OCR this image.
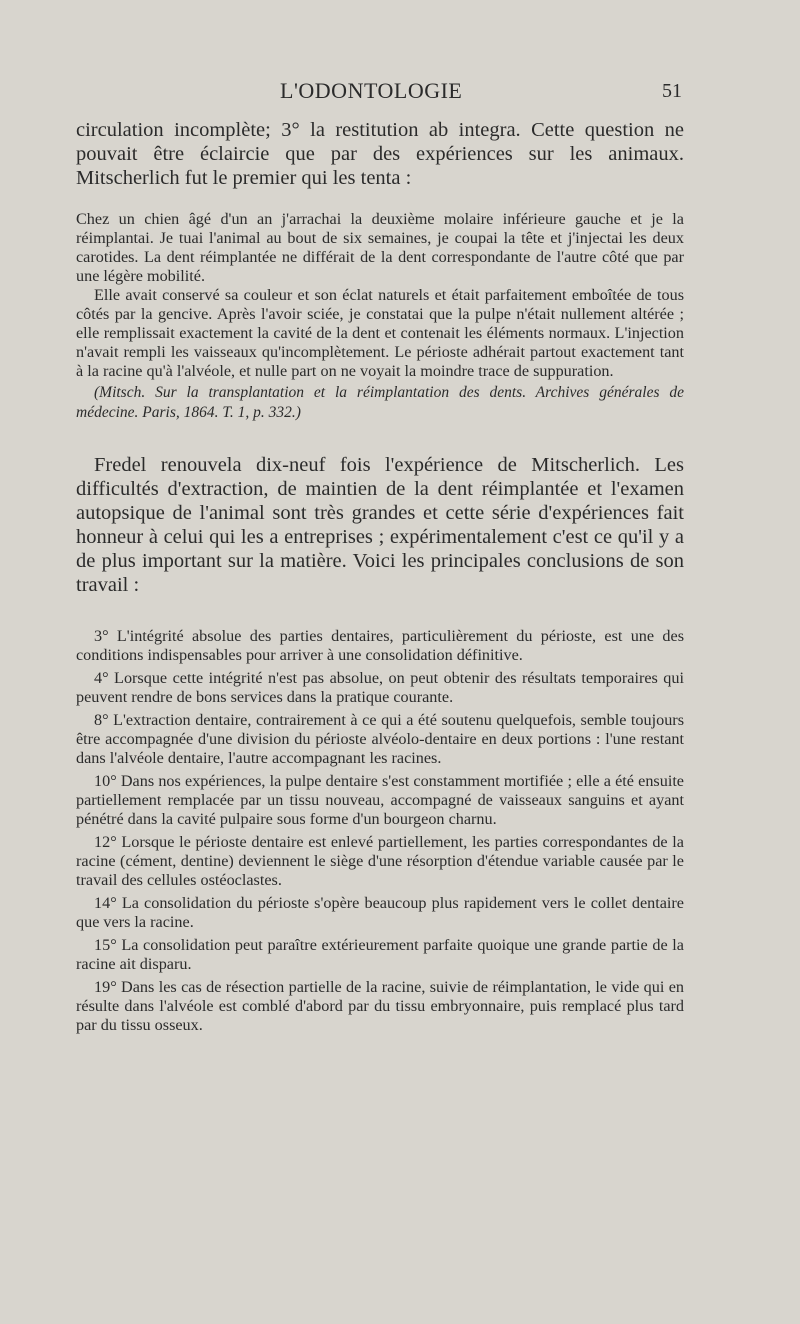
L'ODONTOLOGIE	51

circulation incomplète; 3° la restitution ab integra. Cette question ne pouvait être éclaircie que par des expériences sur les animaux. Mitscherlich fut le premier qui les tenta :

Chez un chien âgé d'un an j'arrachai la deuxième molaire inférieure gauche et je la réimplantai. Je tuai l'animal au bout de six semaines, je coupai la tête et j'injectai les deux carotides. La dent réimplantée ne différait de la dent correspondante de l'autre côté que par une légère mobilité.

Elle avait conservé sa couleur et son éclat naturels et était parfaitement emboîtée de tous côtés par la gencive. Après l'avoir sciée, je constatai que la pulpe n'était nullement altérée ; elle remplissait exactement la cavité de la dent et contenait les éléments normaux. L'injection n'avait rempli les vaisseaux qu'incomplètement. Le périoste adhérait partout exactement tant à la racine qu'à l'alvéole, et nulle part on ne voyait la moindre trace de suppuration.

(Mitsch. Sur la transplantation et la réimplantation des dents. Archives générales de médecine. Paris, 1864. T. 1, p. 332.)

Fredel renouvela dix-neuf fois l'expérience de Mitscherlich. Les difficultés d'extraction, de maintien de la dent réimplantée et l'examen autopsique de l'animal sont très grandes et cette série d'expériences fait honneur à celui qui les a entreprises ; expérimentalement c'est ce qu'il y a de plus important sur la matière. Voici les principales conclusions de son travail :

3° L'intégrité absolue des parties dentaires, particulièrement du périoste, est une des conditions indispensables pour arriver à une consolidation définitive.

4° Lorsque cette intégrité n'est pas absolue, on peut obtenir des résultats temporaires qui peuvent rendre de bons services dans la pratique courante.

8° L'extraction dentaire, contrairement à ce qui a été soutenu quelquefois, semble toujours être accompagnée d'une division du périoste alvéolo-dentaire en deux portions : l'une restant dans l'alvéole dentaire, l'autre accompagnant les racines.

10° Dans nos expériences, la pulpe dentaire s'est constamment mortifiée ; elle a été ensuite partiellement remplacée par un tissu nouveau, accompagné de vaisseaux sanguins et ayant pénétré dans la cavité pulpaire sous forme d'un bourgeon charnu.

12° Lorsque le périoste dentaire est enlevé partiellement, les parties correspondantes de la racine (cément, dentine) deviennent le siège d'une résorption d'étendue variable causée par le travail des cellules ostéoclastes.

14° La consolidation du périoste s'opère beaucoup plus rapidement vers le collet dentaire que vers la racine.

15° La consolidation peut paraître extérieurement parfaite quoique une grande partie de la racine ait disparu.

19° Dans les cas de résection partielle de la racine, suivie de réimplantation, le vide qui en résulte dans l'alvéole est comblé d'abord par du tissu embryonnaire, puis remplacé plus tard par du tissu osseux.
